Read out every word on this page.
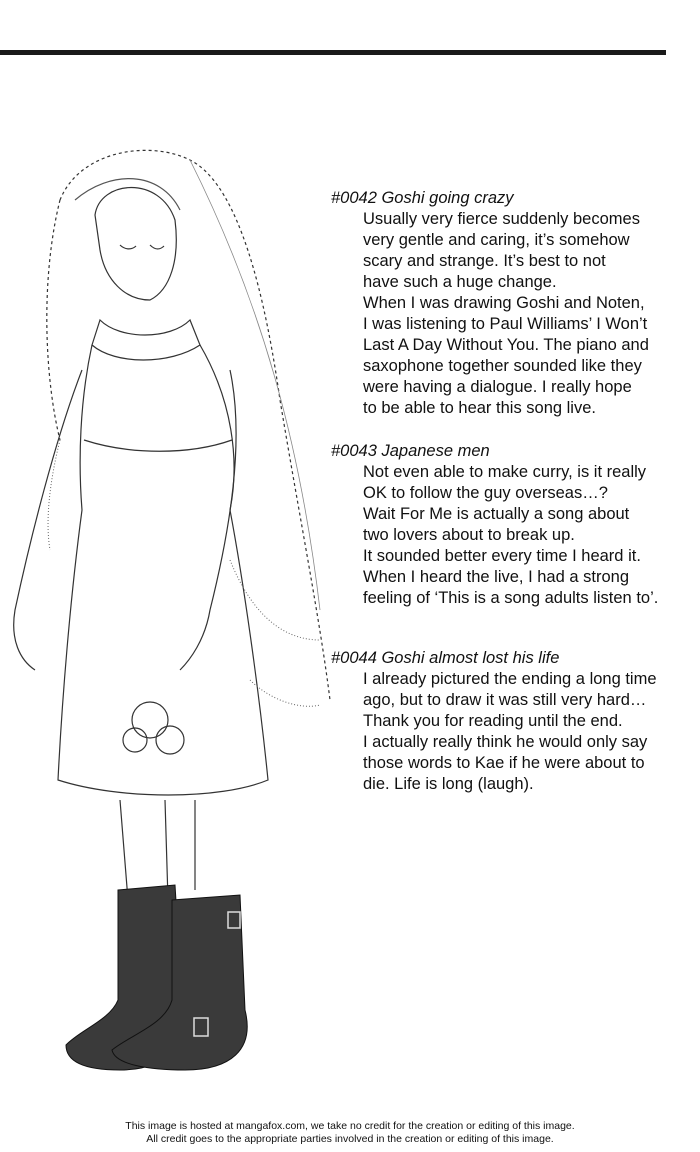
#0042 Goshi going crazy

Usually very fierce suddenly becomes

very gentle and caring, it’s somehow

scary and strange. It’s best to not

have such a huge change.

When I was drawing Goshi and Noten,

I was listening to Paul Williams’ I Won’t

Last A Day Without You. The piano and

saxophone together sounded like they

were having a dialogue. I really hope

to be able to hear this song live.

#0043 Japanese men

Not even able to make curry, is it really

OK to follow the guy overseas…?

Wait For Me is actually a song about

two lovers about to break up.

It sounded better every time I heard it.

When I heard the live, I had a strong

feeling of ‘This is a song adults listen to’.

#0044 Goshi almost lost his life

I already pictured the ending a long time

ago, but to draw it was still very hard…

Thank you for reading until the end.

I actually really think he would only say

those words to Kae if he were about to

die. Life is long (laugh).

This image is hosted at mangafox.com, we take no credit for the creation or editing of this image.

All credit goes to the appropriate parties involved in the creation or editing of this image.
